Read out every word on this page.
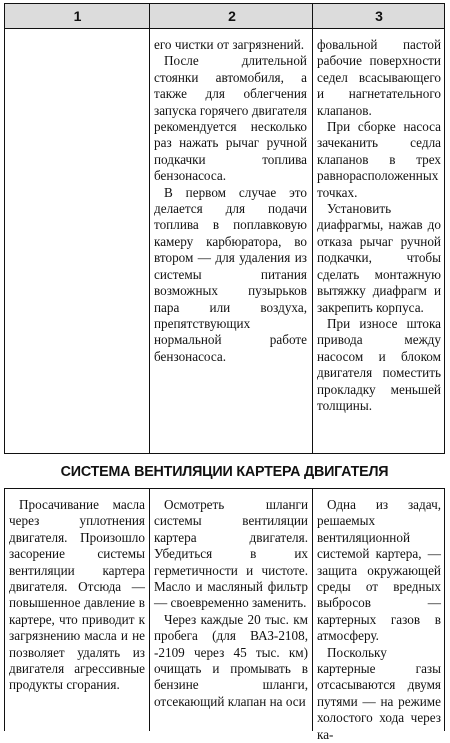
1	2	3

его чистки от загрязнений.

После длительной стоянки автомобиля, а также для облегчения запуска горячего двигателя рекомендуется несколько раз нажать рычаг ручной подкачки топлива бензонасоса.

В первом случае это делается для подачи топлива в поплавковую камеру карбюратора, во втором — для удаления из системы питания возможных пузырьков пара или воздуха, препятствующих нормальной работе бензонасоса.

фовальной пастой рабочие поверхности седел всасывающего и нагнетательного клапанов.

При сборке насоса зачеканить седла клапанов в трех равнорасположенных точках.

Установить диафрагмы, нажав до отказа рычаг ручной подкачки, чтобы сделать монтажную вытяжку диафрагм и закрепить корпуса.

При износе штока привода между насосом и блоком двигателя поместить прокладку меньшей толщины.

СИСТЕМА ВЕНТИЛЯЦИИ КАРТЕРА ДВИГАТЕЛЯ

Просачивание масла через уплотнения двигателя. Произошло засорение системы вентиляции картера двигателя. Отсюда — повышенное давление в картере, что приводит к загрязнению масла и не позволяет удалять из двигателя агрессивные продукты сгорания.

Осмотреть шланги системы вентиляции картера двигателя. Убедиться в их герметичности и чистоте. Масло и масляный фильтр — своевременно заменить.

Через каждые 20 тыс. км пробега (для ВАЗ-2108, -2109 через 45 тыс. км) очищать и промывать в бензине шланги, отсекающий клапан на оси

Одна из задач, решаемых вентиляционной системой картера, — защита окружающей среды от вредных выбросов — картерных газов в атмосферу.

Поскольку картерные газы отсасываются двумя путями — на режиме холостого хода через ка-
